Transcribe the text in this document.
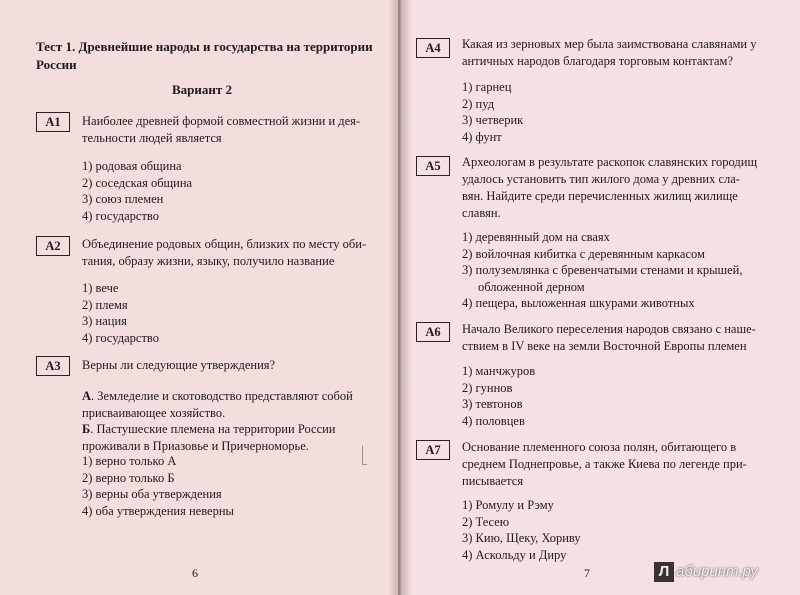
Тест 1. Древнейшие народы и государства на территории России
Вариант 2
A1	Наиболее древней формой совместной жизни и дея-тельности людей является
1) родовая община
2) соседская община
3) союз племен
4) государство
A2	Объединение родовых общин, близких по месту оби-тания, образу жизни, языку, получило название
1) вече
2) племя
3) нация
4) государство
A3	Верны ли следующие утверждения?
А. Земледелие и скотоводство представляют собой присваивающее хозяйство.
Б. Пастушеские племена на территории России проживали в Приазовье и Причерноморье.
1) верно только А
2) верно только Б
3) верны оба утверждения
4) оба утверждения неверны
6
A4	Какая из зерновых мер была заимствована славянами у античных народов благодаря торговым контактам?
1) гарнец
2) пуд
3) четверик
4) фунт
A5	Археологам в результате раскопок славянских городищ удалось установить тип жилого дома у древних сла-вян. Найдите среди перечисленных жилищ жилище славян.
1) деревянный дом на сваях
2) войлочная кибитка с деревянным каркасом
3) полуземлянка с бревенчатыми стенами и крышей,
обложенной дерном
4) пещера, выложенная шкурами животных
A6	Начало Великого переселения народов связано с наше-ствием в IV веке на земли Восточной Европы племен
1) манчжуров
2) гуннов
3) тевтонов
4) половцев
A7	Основание племенного союза полян, обитающего в среднем Поднепровье, а также Киева по легенде при-писывается
1) Ромулу и Рэму
2) Тесею
3) Кию, Щеку, Хориву
4) Аскольду и Диру
7	Л абиринт.ру
